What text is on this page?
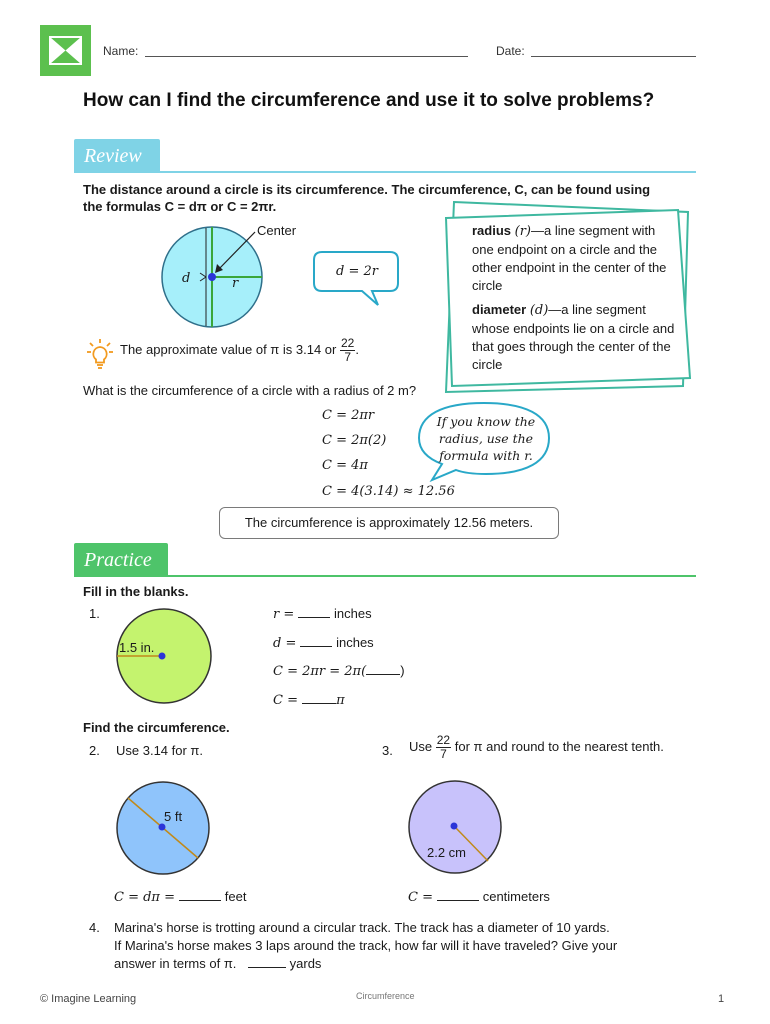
Name:	Date:
How can I find the circumference and use it to solve problems?
Review
The distance around a circle is its circumference. The circumference, C, can be found using
the formulas C = dπ or C = 2πr.
Center
d	r
d = 2r
radius (r)—a line segment with one endpoint on a circle and the other endpoint in the center of the circle
diameter (d)—a line segment whose endpoints lie on a circle and that goes through the center of the circle
The approximate value of π is 3.14 or $\frac{22}{7}$ .
What is the circumference of a circle with a radius of 2 m?
C = 2πr
C = 2π(2)
C = 4π
C = 4(3.14) ≈ 12.56
If you know the radius, use the formula with r.
The circumference is approximately 12.56 meters.
Practice
Fill in the blanks.
1.
1.5 in.
r =  inches
d =  inches
C = 2πr = 2π(	)
C =	π
Find the circumference.
2. Use 3.14 for π.
5 ft
C = dπ =	feet
3. Use $\frac{22}{7}$ for π and round to the nearest tenth.
2.2 cm
C =	centimeters
4. Marina's horse is trotting around a circular track. The track has a diameter of 10 yards.
If Marina's horse makes 3 laps around the track, how far will it have traveled? Give your
answer in terms of π.	yards
© Imagine Learning	Circumference	1
